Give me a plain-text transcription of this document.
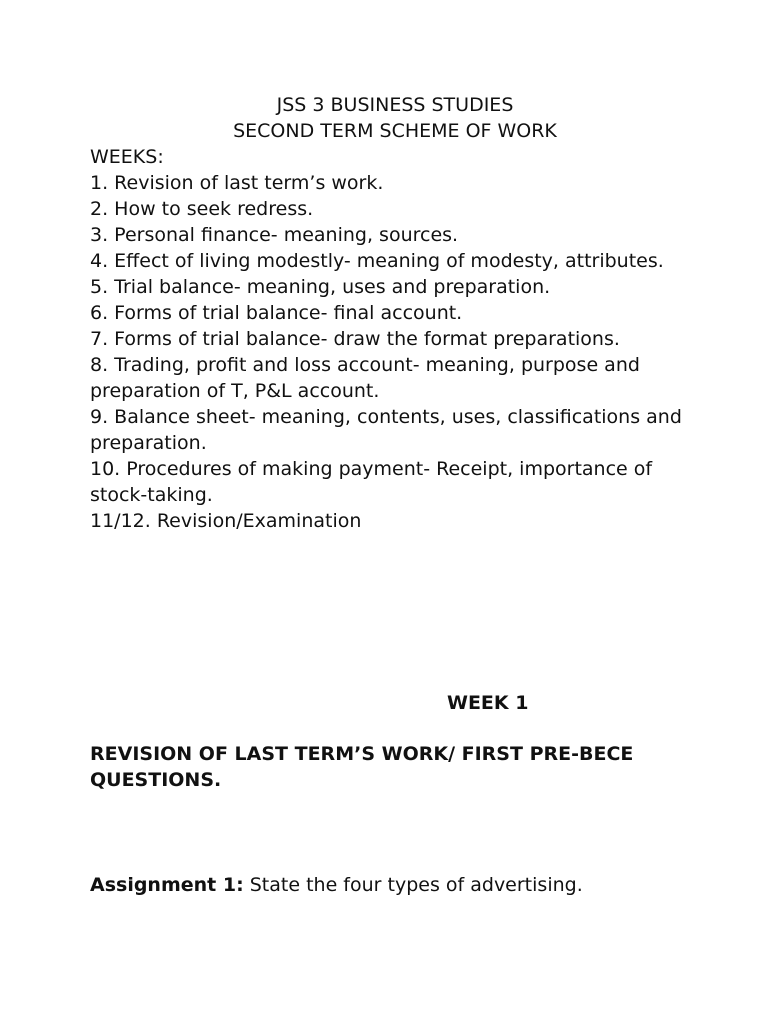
JSS 3 BUSINESS STUDIES
SECOND TERM SCHEME OF WORK
WEEKS:
1. Revision of last term’s work.
2. How to seek redress.
3. Personal finance- meaning, sources.
4. Effect of living modestly- meaning of modesty, attributes.
5. Trial balance- meaning, uses and preparation.
6. Forms of trial balance- final account.
7. Forms of trial balance- draw the format preparations.
8. Trading, profit and loss account- meaning, purpose and preparation of T, P&L account.
9. Balance sheet- meaning, contents, uses, classifications and preparation.
10. Procedures of making payment- Receipt, importance of stock-taking.
11/12. Revision/Examination
WEEK 1
REVISION OF LAST TERM’S WORK/ FIRST PRE-BECE QUESTIONS.
Assignment 1: State the four types of advertising.
